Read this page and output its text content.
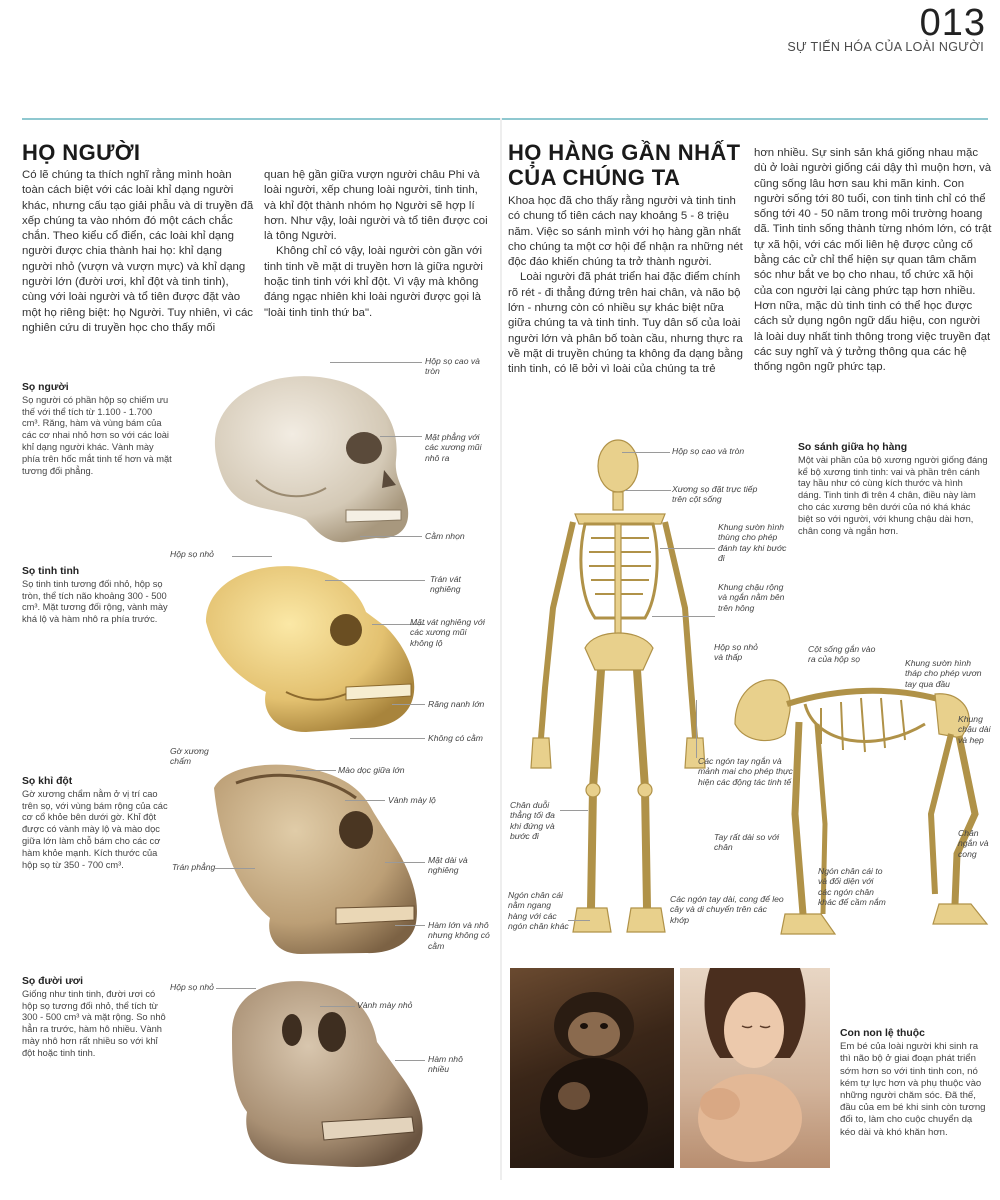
013
SỰ TIẾN HÓA CỦA LOÀI NGƯỜI
HỌ NGƯỜI

Có lẽ chúng ta thích nghĩ rằng mình hoàn toàn cách biệt với các loài khỉ dạng người khác, nhưng cấu tạo giải phẫu và di truyền đã xếp chúng ta vào nhóm đó một cách chắc chắn. Theo kiểu cổ điển, các loài khỉ dạng người được chia thành hai họ: khỉ dạng người nhỏ (vượn và vượn mực) và khỉ dạng người lớn (đười ươi, khỉ đột và tinh tinh), cùng với loài người và tổ tiên được đặt vào một họ riêng biệt: họ Người. Tuy nhiên, vì các nghiên cứu di truyền học cho thấy mối

quan hệ gần giữa vượn người châu Phi và loài người, xếp chung loài người, tinh tinh, và khỉ đột thành nhóm họ Người sẽ hợp lí hơn. Như vậy, loài người và tổ tiên được coi là tông Người.

Không chỉ có vậy, loài người còn gần với tinh tinh về mặt di truyền hơn là giữa người hoặc tinh tinh với khỉ đột. Vì vậy mà không đáng ngạc nhiên khi loài người được gọi là "loài tinh tinh thứ ba".

Sọ người
Sọ người có phần hộp sọ chiếm ưu thế với thể tích từ 1.100 - 1.700 cm³. Răng, hàm và vùng bám của các cơ nhai nhỏ hơn so với các loài khỉ dạng người khác. Vành mày phía trên hốc mắt tinh tế hơn và mặt tương đối phẳng.
Sọ tinh tinh
Sọ tinh tinh tương đối nhỏ, hộp sọ tròn, thể tích não khoảng 300 - 500 cm³. Mặt tương đối rộng, vành mày khá lộ và hàm nhô ra phía trước.
Sọ khỉ đột
Gờ xương chẩm nằm ở vị trí cao trên sọ, với vùng bám rộng của các cơ cổ khỏe bên dưới gờ. Khỉ đột được có vành mày lộ và mào dọc giữa lớn làm chỗ bám cho các cơ hàm khỏe mạnh. Kích thước của hộp sọ từ 350 - 700 cm³.
Sọ đười ươi
Giống như tinh tinh, đười ươi có hộp sọ tương đối nhỏ, thể tích từ 300 - 500 cm³ và mặt rộng. So nhô hẳn ra trước, hàm hô nhiều. Vành mày nhô hơn rất nhiều so với khỉ đột hoặc tinh tinh.
Hộp sọ cao và tròn
Mặt phẳng với các xương mũi nhô ra
Cằm nhọn
Hộp sọ nhỏ
Trán vát nghiêng
Mặt vát nghiêng với các xương mũi không lộ
Răng nanh lớn
Không có cằm
Gờ xương chẩm
Mào dọc giữa lớn
Vành mày lộ
Trán phẳng
Mặt dài và nghiêng
Hàm lớn và nhô nhưng không có cằm
Hộp sọ nhỏ
Vành mày nhỏ
Hàm nhô nhiều
HỌ HÀNG GẦN NHẤT
CỦA CHÚNG TA

Khoa học đã cho thấy rằng người và tinh tinh có chung tổ tiên cách nay khoảng 5 - 8 triệu năm. Việc so sánh mình với họ hàng gần nhất cho chúng ta một cơ hội để nhận ra những nét độc đáo khiến chúng ta trở thành người.

Loài người đã phát triển hai đặc điểm chính rõ rét - đi thẳng đứng trên hai chân, và não bộ lớn - nhưng còn có nhiều sự khác biệt nữa giữa chúng ta và tinh tinh. Tuy dân số của loài người lớn và phân bố toàn cầu, nhưng thực ra về mặt di truyền chúng ta không đa dạng bằng tinh tinh, có lẽ bởi vì loài của chúng ta trẻ

hơn nhiều. Sự sinh sản khá giống nhau mặc dù ở loài người giống cái dậy thì muộn hơn, và cũng sống lâu hơn sau khi mãn kinh. Con người sống tới 80 tuổi, con tinh tinh chỉ có thể sống tới 40 - 50 năm trong môi trường hoang dã. Tinh tinh sống thành từng nhóm lớn, có trật tự xã hội, với các mối liên hệ được củng cố bằng các cử chỉ thể hiện sự quan tâm chăm sóc như bắt ve bọ cho nhau, tổ chức xã hội của con người lại càng phức tạp hơn nhiều. Hơn nữa, mặc dù tinh tinh có thể học được cách sử dụng ngôn ngữ dấu hiệu, con người là loài duy nhất tinh thông trong việc truyền đạt các suy nghĩ và ý tưởng thông qua các hệ thống ngôn ngữ phức tạp.

So sánh giữa họ hàng
Một vài phần của bộ xương người giống đáng kể bộ xương tinh tinh: vai và phần trên cánh tay hầu như có cùng kích thước và hình dáng. Tinh tinh đi trên 4 chân, điều này làm cho các xương bên dưới của nó khá khác biệt so với người, với khung chậu dài hơn, chân cong và ngắn hơn.
Hộp sọ cao và tròn
Xương sọ đặt trực tiếp trên cột sống
Khung sườn hình thùng cho phép đánh tay khi bước đi
Khung chậu rộng và ngắn nằm bên trên hông
Các ngón tay ngắn và mảnh mai cho phép thực hiện các động tác tinh tế
Tay rất dài so với chân
Các ngón tay dài, cong để leo cây và di chuyển trên các khớp
Chân duỗi thẳng tối đa khi đứng và bước đi
Ngón chân cái nằm ngang hàng với các ngón chân khác
Hộp sọ nhỏ và thấp
Cột sống gắn vào ra của hộp sọ	Khung sườn hình tháp cho phép vươn tay qua đầu
Khung chậu dài và hẹp
Chân ngắn và cong
Ngón chân cái to và đối diện với các ngón chân khác để cầm nắm
Con non lệ thuộc
Em bé của loài người khi sinh ra thì não bộ ở giai đoạn phát triển sớm hơn so với tinh tinh con, nó kém tự lực hơn và phụ thuộc vào những người chăm sóc. Đã thế, đầu của em bé khi sinh còn tương đối to, làm cho cuộc chuyển dạ kéo dài và khó khăn hơn.
